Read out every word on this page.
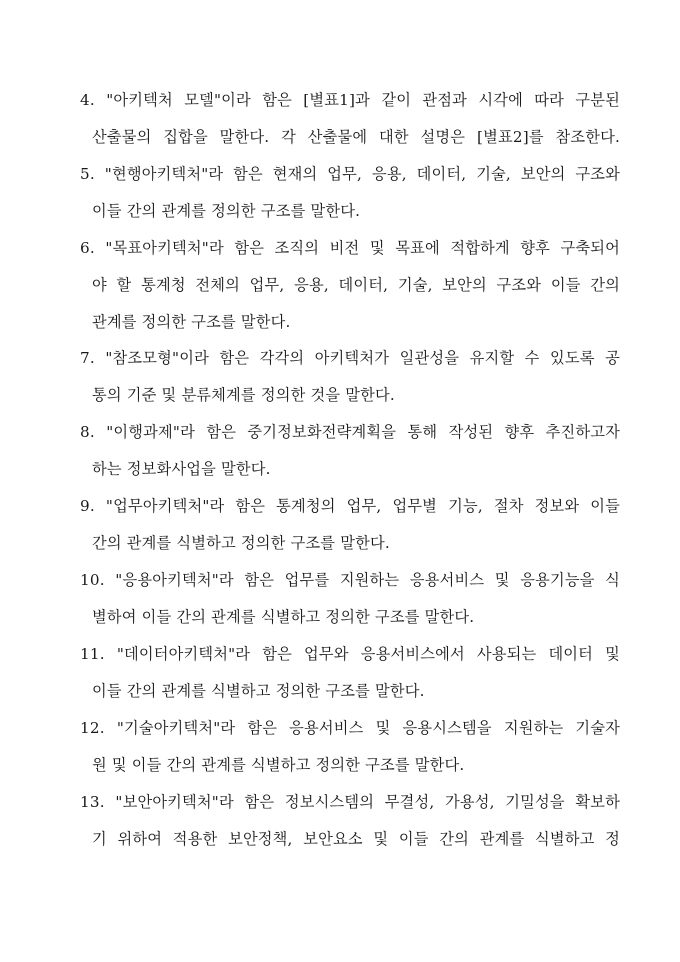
4. "아키텍처 모델"이라 함은 [별표1]과 같이 관점과 시각에 따라 구분된
산출물의 집합을 말한다. 각 산출물에 대한 설명은 [별표2]를 참조한다.

5. "현행아키텍처"라 함은 현재의 업무, 응용, 데이터, 기술, 보안의 구조와
이들 간의 관계를 정의한 구조를 말한다.

6. "목표아키텍처"라 함은 조직의 비전 및 목표에 적합하게 향후 구축되어
야 할 통계청 전체의 업무, 응용, 데이터, 기술, 보안의 구조와 이들 간의
관계를 정의한 구조를 말한다.

7. "참조모형"이라 함은 각각의 아키텍처가 일관성을 유지할 수 있도록 공
통의 기준 및 분류체계를 정의한 것을 말한다.

8. "이행과제"라 함은 중기정보화전략계획을 통해 작성된 향후 추진하고자
하는 정보화사업을 말한다.

9. "업무아키텍처"라 함은 통계청의 업무, 업무별 기능, 절차 정보와 이들
간의 관계를 식별하고 정의한 구조를 말한다.

10. "응용아키텍처"라 함은 업무를 지원하는 응용서비스 및 응용기능을 식
별하여 이들 간의 관계를 식별하고 정의한 구조를 말한다.

11. "데이터아키텍처"라 함은 업무와 응용서비스에서 사용되는 데이터 및
이들 간의 관계를 식별하고 정의한 구조를 말한다.

12. "기술아키텍처"라 함은 응용서비스 및 응용시스템을 지원하는 기술자
원 및 이들 간의 관계를 식별하고 정의한 구조를 말한다.

13. "보안아키텍처"라 함은 정보시스템의 무결성, 가용성, 기밀성을 확보하
기 위하여 적용한 보안정책, 보안요소 및 이들 간의 관계를 식별하고 정
